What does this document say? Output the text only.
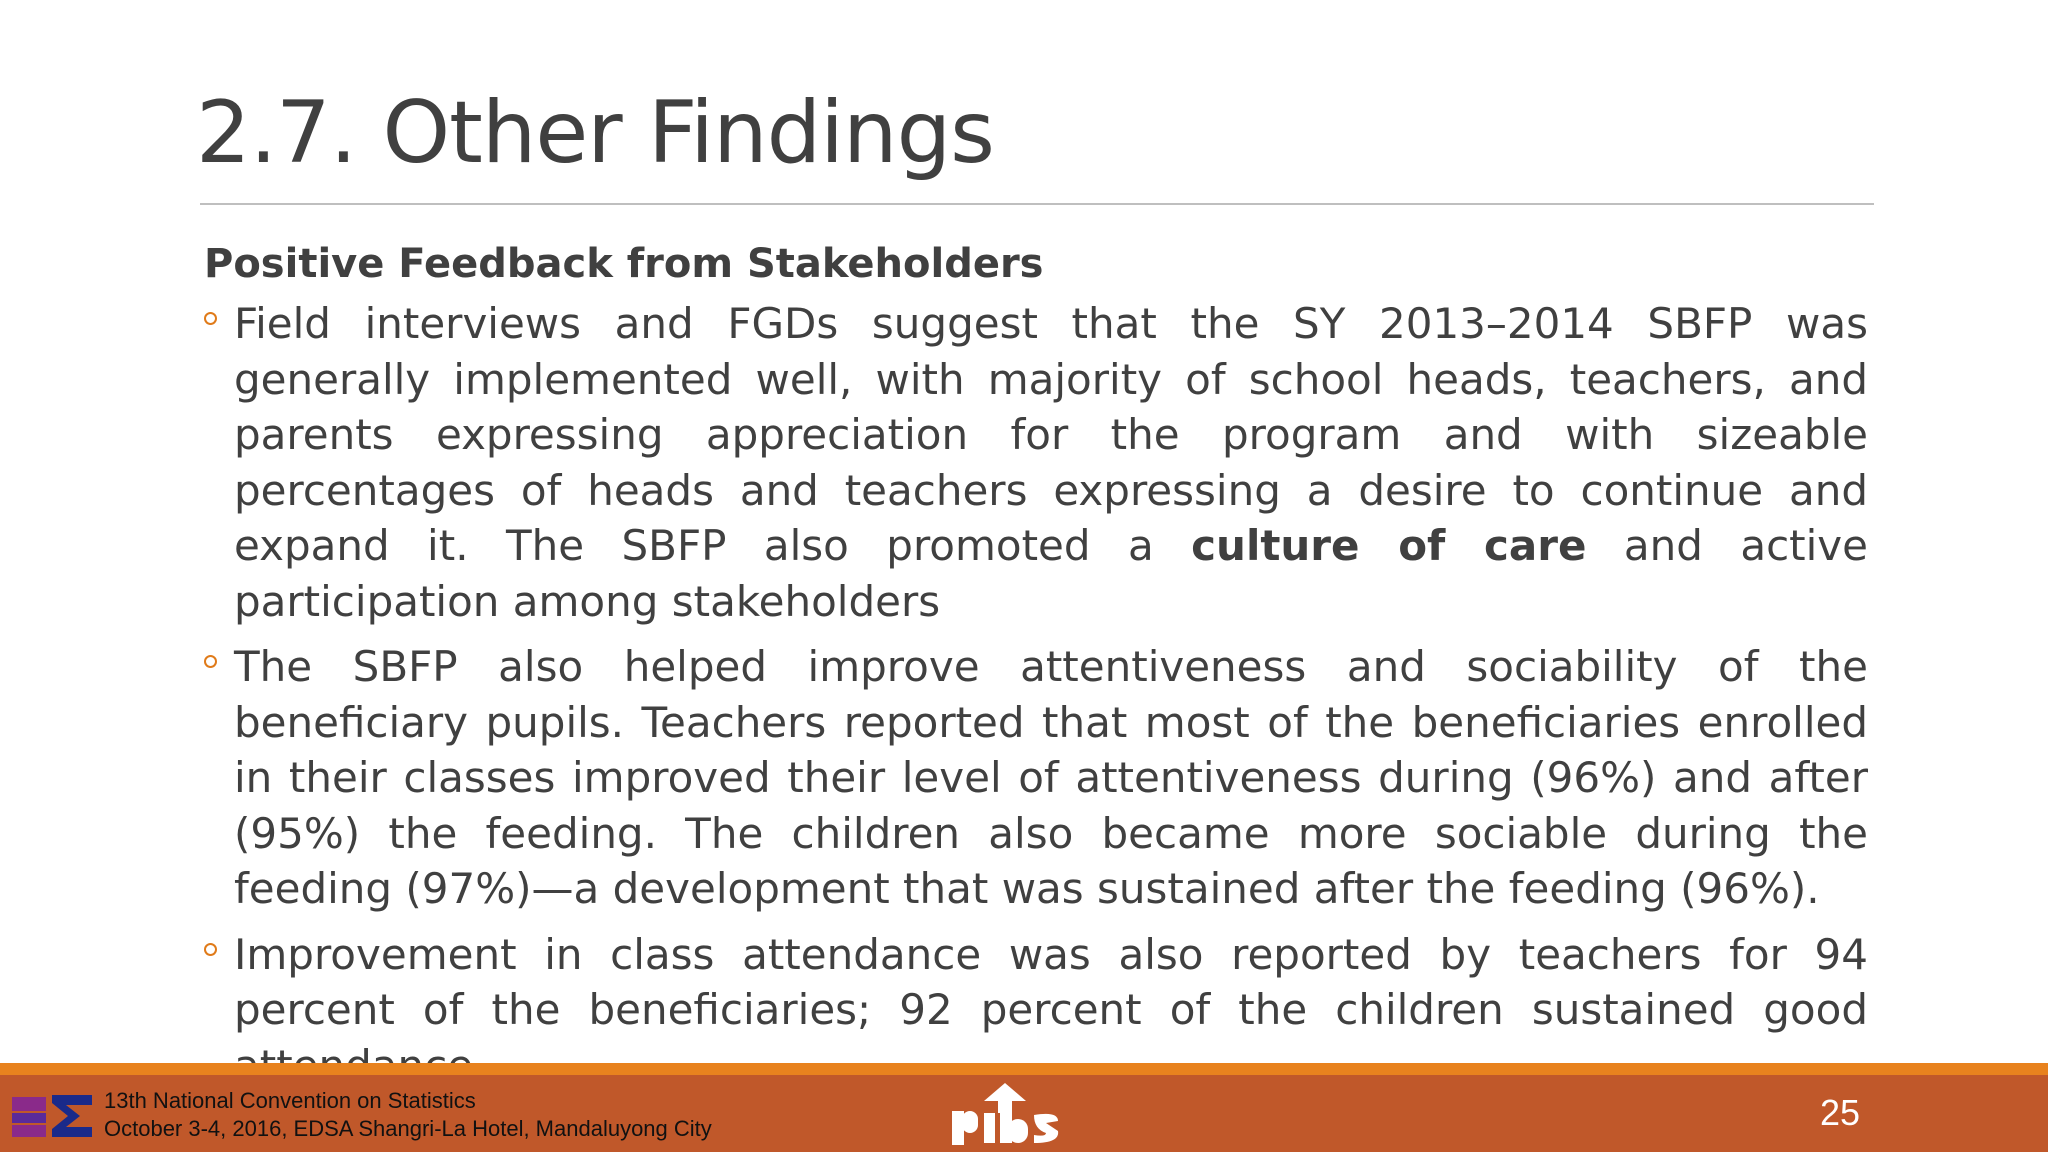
2.7. Other Findings
Positive Feedback from Stakeholders
Field interviews and FGDs suggest that the SY 2013–2014 SBFP was generally implemented well, with majority of school heads, teachers, and parents expressing appreciation for the program and with sizeable percentages of heads and teachers expressing a desire to continue and expand it. The SBFP also promoted a culture of care and active participation among stakeholders
The SBFP also helped improve attentiveness and sociability of the beneficiary pupils. Teachers reported that most of the beneficiaries enrolled in their classes improved their level of attentiveness during (96%) and after (95%) the feeding. The children also became more sociable during the feeding (97%)—a development that was sustained after the feeding (96%).
Improvement in class attendance was also reported by teachers for 94 percent of the beneficiaries; 92 percent of the children sustained good
13th National Convention on Statistics
October 3-4, 2016, EDSA Shangri-La Hotel, Mandaluyong City	25
